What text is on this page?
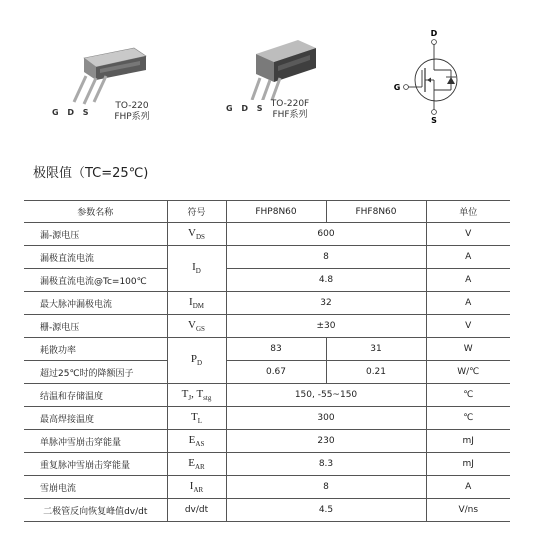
G D S
TO-220
FHP系列
G D S TO-220F
FHF系列
D
G
S
极限值（TC=25℃)
参数名称	符号	FHP8N60	FHF8N60	单位
漏-源电压	$V_{DS}$	600		V
漏极直流电流	$I_D$	8		A
漏极直流电流@Tc=100℃		4.8		A
最大脉冲漏极电流	$I_{DM}$	32		A
栅-源电压	$V_{GS}$	±30		V
耗散功率	$P_D$	83	31	W
超过25℃时的降额因子		0.67	0.21	W/℃
结温和存储温度	$T_J$, $T_{stg}$	150, -55~150		℃
最高焊接温度	$T_L$	300		℃
单脉冲雪崩击穿能量	$E_{AS}$	230		mJ
重复脉冲雪崩击穿能量	$E_{AR}$	8.3		mJ
雪崩电流	$I_{AR}$	8		A
二极管反向恢复峰值dv/dt	dv/dt	4.5		V/ns
